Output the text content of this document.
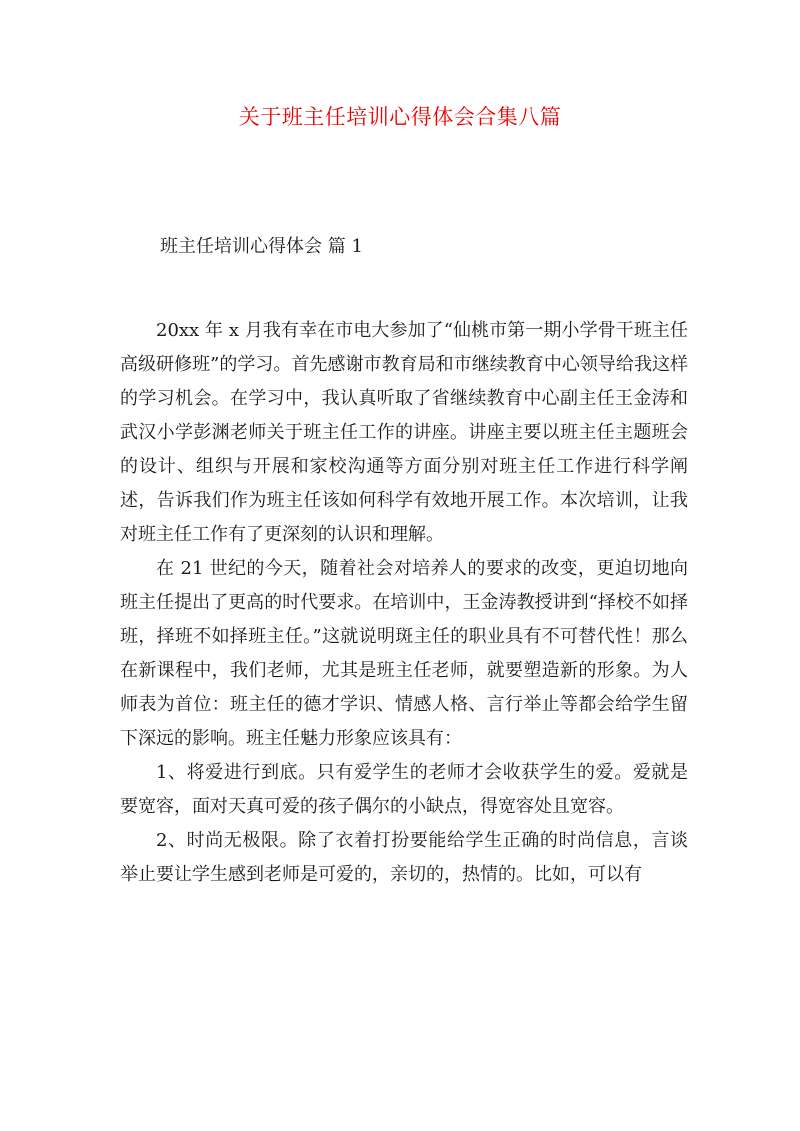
关于班主任培训心得体会合集八篇
班主任培训心得体会 篇 1

20xx 年 x 月我有幸在市电大参加了“仙桃市第一期小学骨干班主任高级研修班”的学习。首先感谢市教育局和市继续教育中心领导给我这样的学习机会。在学习中，我认真听取了省继续教育中心副主任王金涛和武汉小学彭渊老师关于班主任工作的讲座。讲座主要以班主任主题班会的设计、组织与开展和家校沟通等方面分别对班主任工作进行科学阐述，告诉我们作为班主任该如何科学有效地开展工作。本次培训，让我对班主任工作有了更深刻的认识和理解。

在 21 世纪的今天，随着社会对培养人的要求的改变，更迫切地向班主任提出了更高的时代要求。在培训中，王金涛教授讲到“择校不如择班，择班不如择班主任。”这就说明斑主任的职业具有不可替代性！那么在新课程中，我们老师，尤其是班主任老师，就要塑造新的形象。为人师表为首位：班主任的德才学识、情感人格、言行举止等都会给学生留下深远的影响。班主任魅力形象应该具有：

1、将爱进行到底。只有爱学生的老师才会收获学生的爱。爱就是要宽容，面对天真可爱的孩子偶尔的小缺点，得宽容处且宽容。

2、时尚无极限。除了衣着打扮要能给学生正确的时尚信息，言谈举止要让学生感到老师是可爱的，亲切的，热情的。比如，可以有
